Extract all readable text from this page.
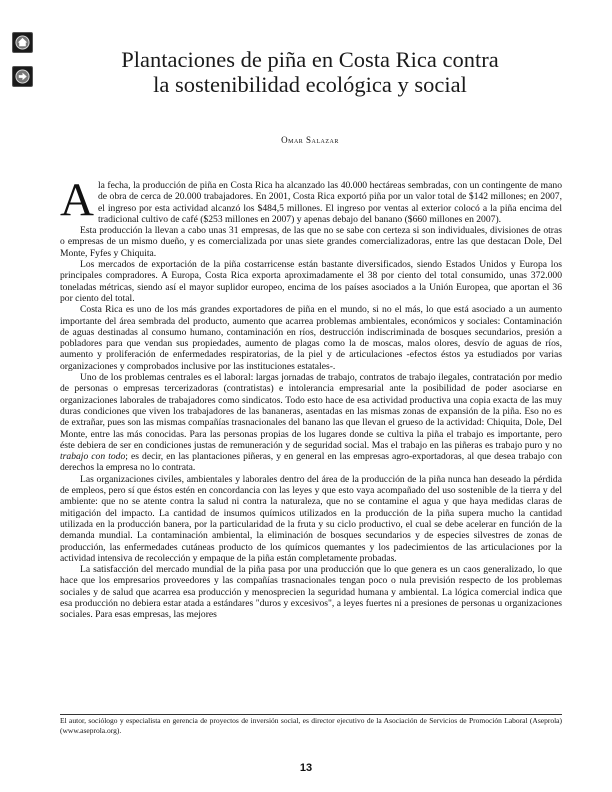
Plantaciones de piña en Costa Rica contra
la sostenibilidad ecológica y social
Omar Salazar

Ala fecha, la producción de piña en Costa Rica ha alcanzado las 40.000 hectáreas sembradas, con un contingente de mano de obra de cerca de 20.000 trabajadores. En 2001, Costa Rica exportó piña por un valor total de $142 millones; en 2007, el ingreso por esta actividad alcanzó los $484,5 millones. El ingreso por ventas al exterior colocó a la piña encima del tradicional cultivo de café ($253 millones en 2007) y apenas debajo del banano ($660 millones en 2007).

Esta producción la llevan a cabo unas 31 empresas, de las que no se sabe con certeza si son individuales, divisiones de otras o empresas de un mismo dueño, y es comercializada por unas siete grandes comercializadoras, entre las que destacan Dole, Del Monte, Fyfes y Chiquita.

Los mercados de exportación de la piña costarricense están bastante diversificados, siendo Estados Unidos y Europa los principales compradores. A Europa, Costa Rica exporta aproximadamente el 38 por ciento del total consumido, unas 372.000 toneladas métricas, siendo así el mayor suplidor europeo, encima de los países asociados a la Unión Europea, que aportan el 36 por ciento del total.

Costa Rica es uno de los más grandes exportadores de piña en el mundo, si no el más, lo que está asociado a un aumento importante del área sembrada del producto, aumento que acarrea problemas ambientales, económicos y sociales: Contaminación de aguas destinadas al consumo humano, contaminación en ríos, destrucción indiscriminada de bosques secundarios, presión a pobladores para que vendan sus propiedades, aumento de plagas como la de moscas, malos olores, desvío de aguas de ríos, aumento y proliferación de enfermedades respiratorias, de la piel y de articulaciones -efectos éstos ya estudiados por varias organizaciones y comprobados inclusive por las instituciones estatales-.

Uno de los problemas centrales es el laboral: largas jornadas de trabajo, contratos de trabajo ilegales, contratación por medio de personas o empresas tercerizadoras (contratistas) e intolerancia empresarial ante la posibilidad de poder asociarse en organizaciones laborales de trabajadores como sindicatos. Todo esto hace de esa actividad productiva una copia exacta de las muy duras condiciones que viven los trabajadores de las bananeras, asentadas en las mismas zonas de expansión de la piña. Eso no es de extrañar, pues son las mismas compañías trasnacionales del banano las que llevan el grueso de la actividad: Chiquita, Dole, Del Monte, entre las más conocidas. Para las personas propias de los lugares donde se cultiva la piña el trabajo es importante, pero éste debiera de ser en condiciones justas de remuneración y de seguridad social. Mas el trabajo en las piñeras es trabajo puro y no trabajo con todo; es decir, en las plantaciones piñeras, y en general en las empresas agro-exportadoras, al que desea trabajo con derechos la empresa no lo contrata.

Las organizaciones civiles, ambientales y laborales dentro del área de la producción de la piña nunca han deseado la pérdida de empleos, pero sí que éstos estén en concordancia con las leyes y que esto vaya acompañado del uso sostenible de la tierra y del ambiente: que no se atente contra la salud ni contra la naturaleza, que no se contamine el agua y que haya medidas claras de mitigación del impacto. La cantidad de insumos químicos utilizados en la producción de la piña supera mucho la cantidad utilizada en la producción banera, por la particularidad de la fruta y su ciclo productivo, el cual se debe acelerar en función de la demanda mundial. La contaminación ambiental, la eliminación de bosques secundarios y de especies silvestres de zonas de producción, las enfermedades cutáneas producto de los químicos quemantes y los padecimientos de las articulaciones por la actividad intensiva de recolección y empaque de la piña están completamente probadas.

La satisfacción del mercado mundial de la piña pasa por una producción que lo que genera es un caos generalizado, lo que hace que los empresarios proveedores y las compañías trasnacionales tengan poco o nula previsión respecto de los problemas sociales y de salud que acarrea esa producción y menosprecien la seguridad humana y ambiental. La lógica comercial indica que esa producción no debiera estar atada a estándares "duros y excesivos", a leyes fuertes ni a presiones de personas u organizaciones sociales. Para esas empresas, las mejores

El autor, sociólogo y especialista en gerencia de proyectos de inversión social, es director ejecutivo de la Asociación de Servicios de Promoción Laboral (Aseprola) (www.aseprola.org).
13
